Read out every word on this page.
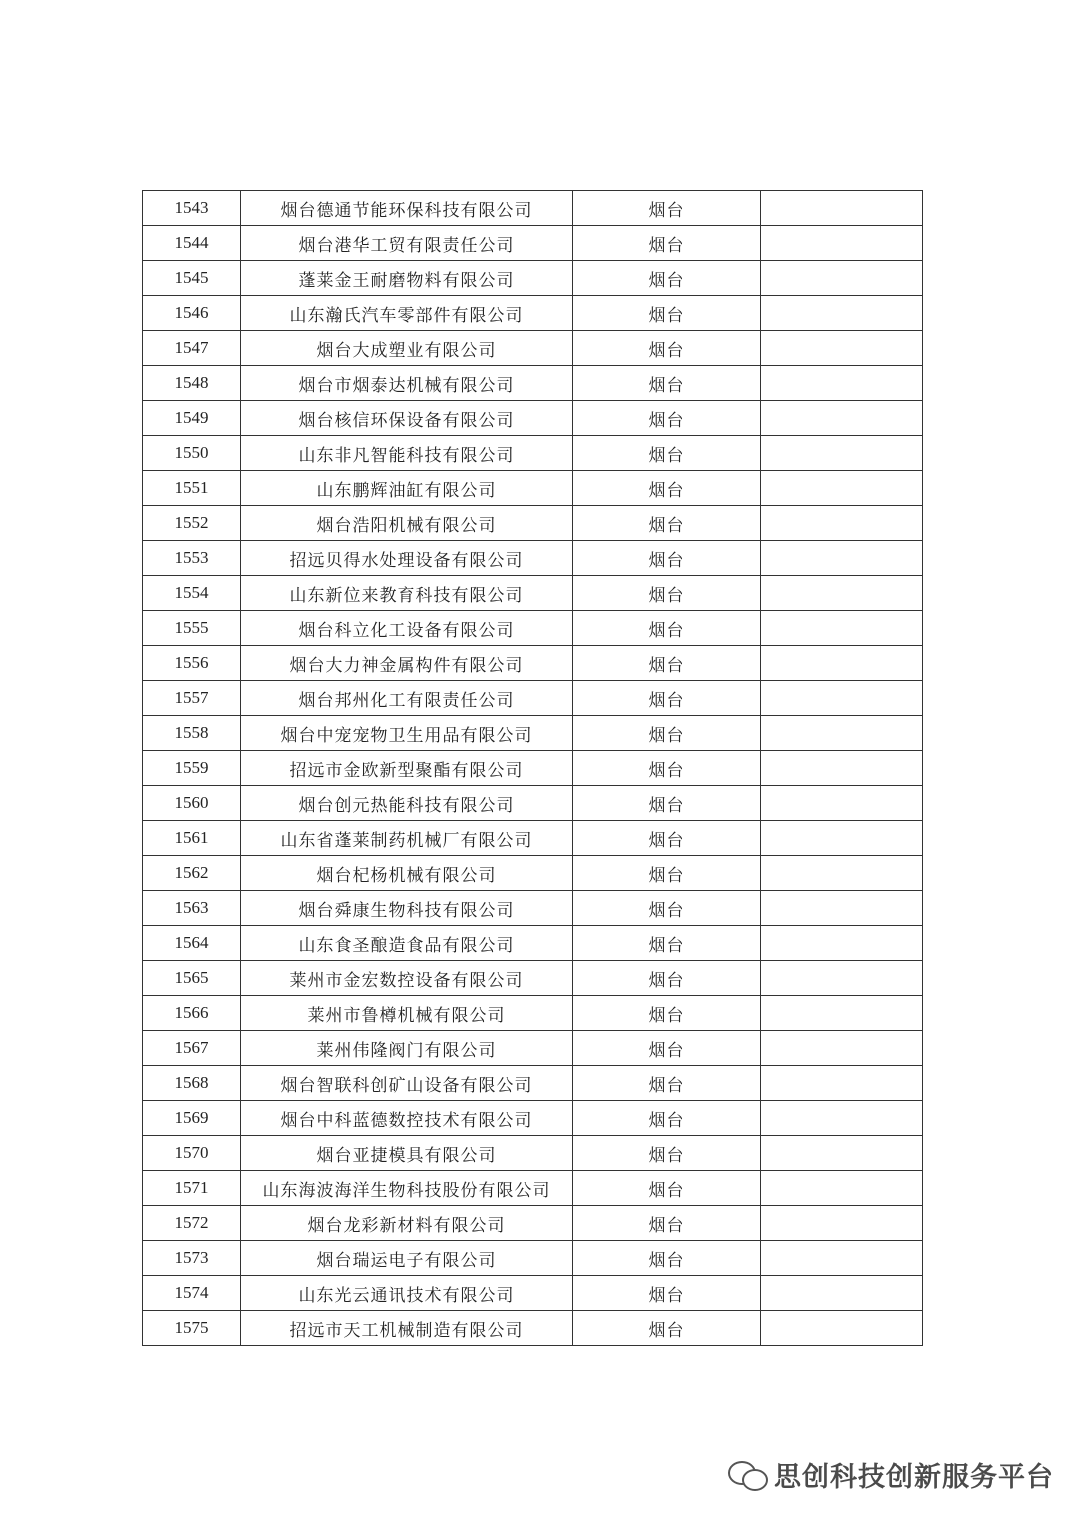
1543	烟台德通节能环保科技有限公司	烟台	
1544	烟台港华工贸有限责任公司	烟台	
1545	蓬莱金王耐磨物料有限公司	烟台	
1546	山东瀚氏汽车零部件有限公司	烟台	
1547	烟台大成塑业有限公司	烟台	
1548	烟台市烟泰达机械有限公司	烟台	
1549	烟台核信环保设备有限公司	烟台	
1550	山东非凡智能科技有限公司	烟台	
1551	山东鹏辉油缸有限公司	烟台	
1552	烟台浩阳机械有限公司	烟台	
1553	招远贝得水处理设备有限公司	烟台	
1554	山东新位来教育科技有限公司	烟台	
1555	烟台科立化工设备有限公司	烟台	
1556	烟台大力神金属构件有限公司	烟台	
1557	烟台邦州化工有限责任公司	烟台	
1558	烟台中宠宠物卫生用品有限公司	烟台	
1559	招远市金欧新型聚酯有限公司	烟台	
1560	烟台创元热能科技有限公司	烟台	
1561	山东省蓬莱制药机械厂有限公司	烟台	
1562	烟台杞杨机械有限公司	烟台	
1563	烟台舜康生物科技有限公司	烟台	
1564	山东食圣酿造食品有限公司	烟台	
1565	莱州市金宏数控设备有限公司	烟台	
1566	莱州市鲁樽机械有限公司	烟台	
1567	莱州伟隆阀门有限公司	烟台	
1568	烟台智联科创矿山设备有限公司	烟台	
1569	烟台中科蓝德数控技术有限公司	烟台	
1570	烟台亚捷模具有限公司	烟台	
1571	山东海波海洋生物科技股份有限公司	烟台	
1572	烟台龙彩新材料有限公司	烟台	
1573	烟台瑞运电子有限公司	烟台	
1574	山东光云通讯技术有限公司	烟台	
1575	招远市天工机械制造有限公司	烟台	
思创科技创新服务平台
